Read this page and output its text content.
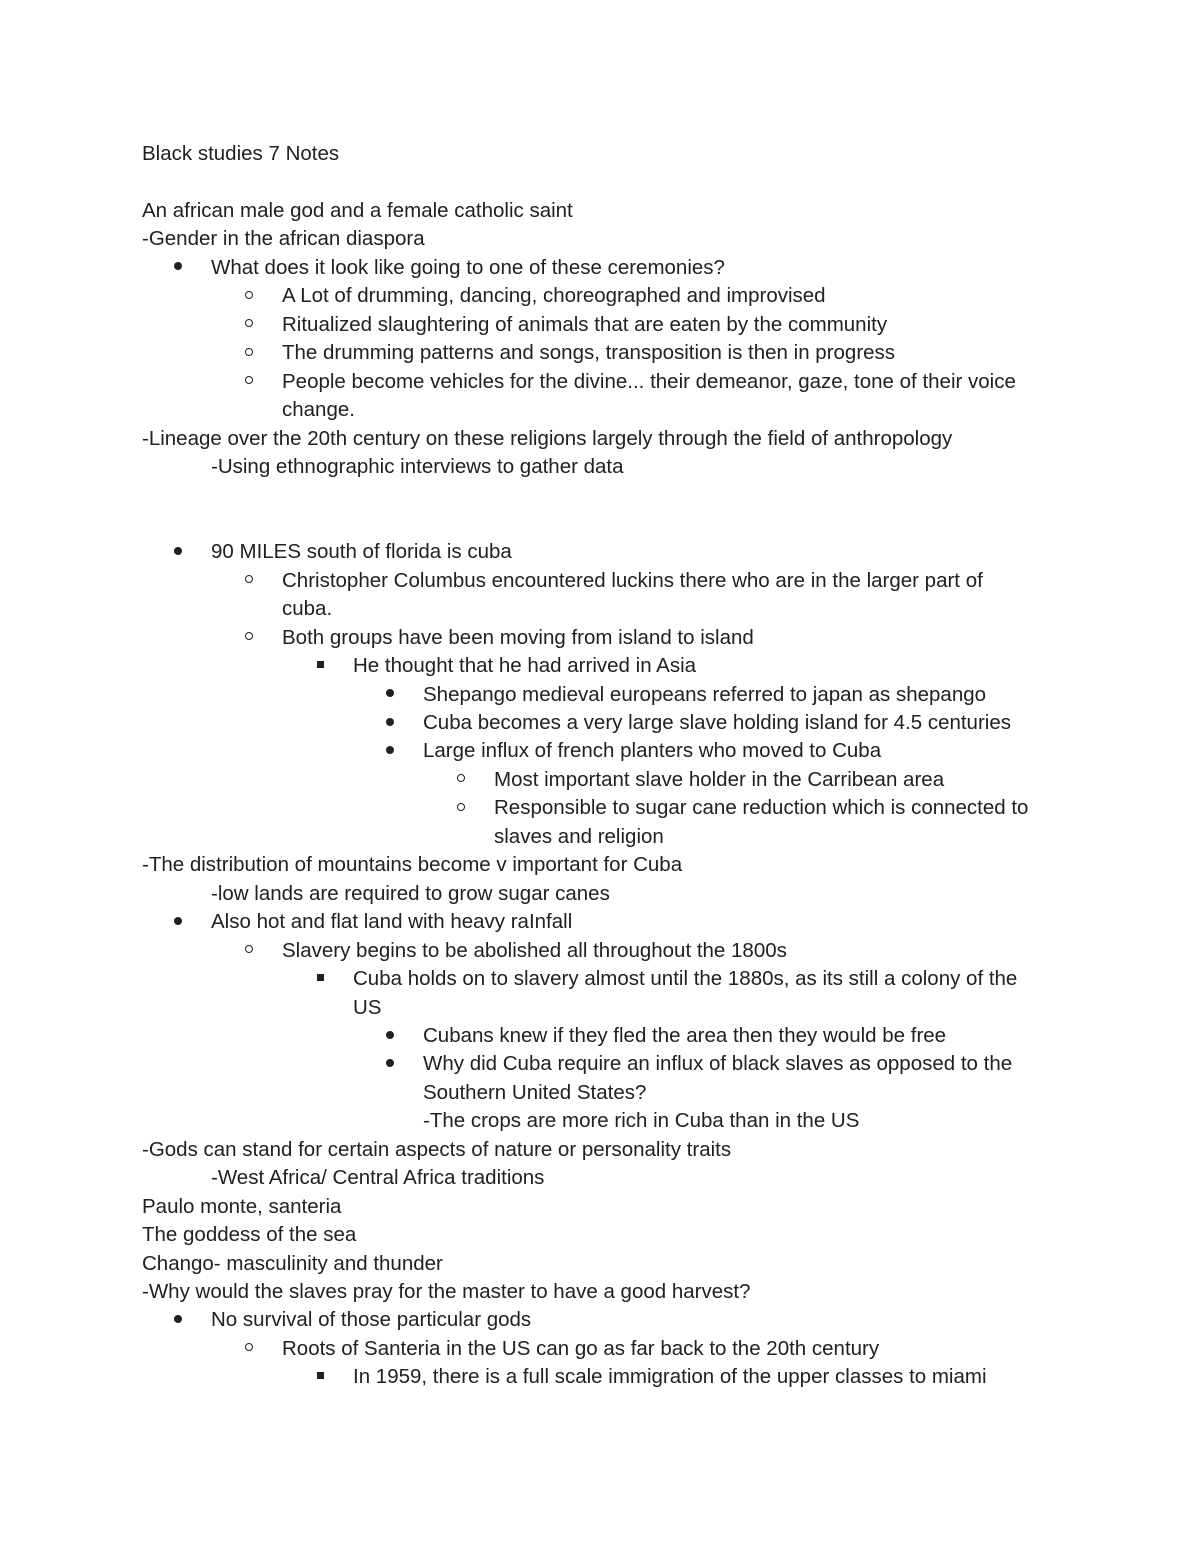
Black studies 7 Notes
An african male god and a female catholic saint
-Gender in the african diaspora
What does it look like going to one of these ceremonies?
A Lot of drumming, dancing, choreographed and improvised
Ritualized slaughtering of animals that are eaten by the community
The drumming patterns and songs, transposition is then in progress
People become vehicles for the divine... their demeanor, gaze, tone of their voice
change.
-Lineage over the 20th century on these religions largely through the field of anthropology
-Using ethnographic interviews to gather data
90 MILES south of florida is cuba
Christopher Columbus encountered luckins there who are in the larger part of
cuba.
Both groups have been moving from island to island
He thought that he had arrived in Asia
Shepango medieval europeans referred to japan as shepango
Cuba becomes a very large slave holding island for 4.5 centuries
Large influx of french planters who moved to Cuba
Most important slave holder in the Carribean area
Responsible to sugar cane reduction which is connected to
slaves and religion
-The distribution of mountains become v important for Cuba
-low lands are required to grow sugar canes
Also hot and flat land with heavy raInfall
Slavery begins to be abolished all throughout the 1800s
Cuba holds on to slavery almost until the 1880s, as its still a colony of the
US
Cubans knew if they fled the area then they would be free
Why did Cuba require an influx of black slaves as opposed to the
Southern United States?
-The crops are more rich in Cuba than in the US
-Gods can stand for certain aspects of nature or personality traits
-West Africa/ Central Africa traditions
Paulo monte, santeria
The goddess of the sea
Chango- masculinity and thunder
-Why would the slaves pray for the master to have a good harvest?
No survival of those particular gods
Roots of Santeria in the US can go as far back to the 20th century
In 1959, there is a full scale immigration of the upper classes to miami
